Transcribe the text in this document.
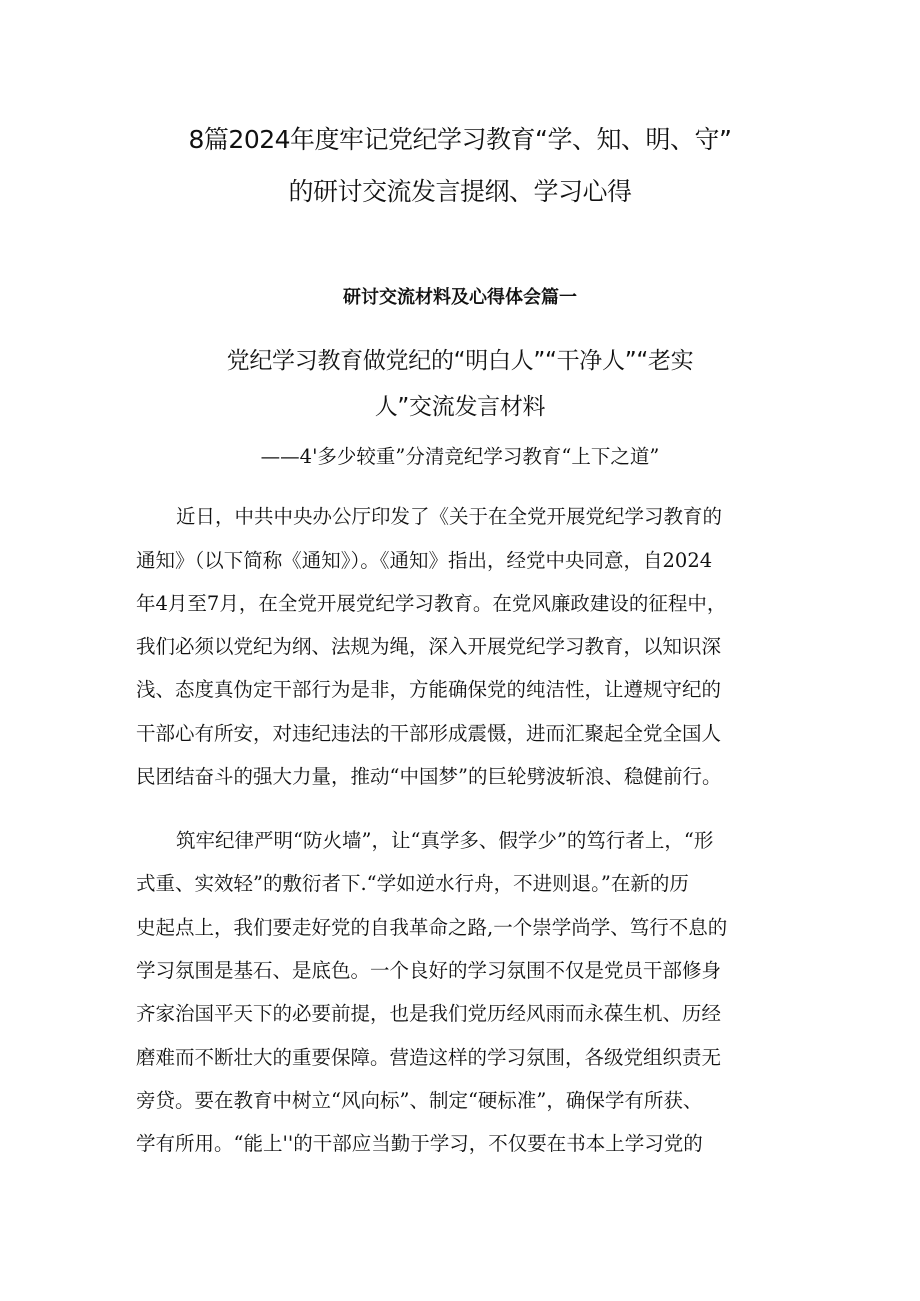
8篇2024年度牢记党纪学习教育“学、知、明、守”
的研讨交流发言提纲、学习心得
研讨交流材料及心得体会篇一
党纪学习教育做党纪的“明白人”“干净人”“老实
人”交流发言材料
——4'多少较重”分清竞纪学习教育“上下之道”
近日，中共中央办公厅印发了《关于在全党开展党纪学习教育的
通知》（以下简称《通知》）。《通知》指出，经党中央同意，自2024
年4月至7月，在全党开展党纪学习教育。在党风廉政建设的征程中，
我们必须以党纪为纲、法规为绳，深入开展党纪学习教育，以知识深
浅、态度真伪定干部行为是非，方能确保党的纯洁性，让遵规守纪的
干部心有所安，对违纪违法的干部形成震慑，进而汇聚起全党全国人
民团结奋斗的强大力量，推动“中国梦”的巨轮劈波斩浪、稳健前行。
筑牢纪律严明“防火墙”，让“真学多、假学少”的笃行者上，“形
式重、实效轻”的敷衍者下.“学如逆水行舟，不进则退。”在新的历
史起点上，我们要走好党的自我革命之路,一个崇学尚学、笃行不息的
学习氛围是基石、是底色。一个良好的学习氛围不仅是党员干部修身
齐家治国平天下的必要前提，也是我们党历经风雨而永葆生机、历经
磨难而不断壮大的重要保障。营造这样的学习氛围，各级党组织责无
旁贷。要在教育中树立“风向标”、制定“硬标准”，确保学有所获、
学有所用。“能上''的干部应当勤于学习，不仅要在书本上学习党的
